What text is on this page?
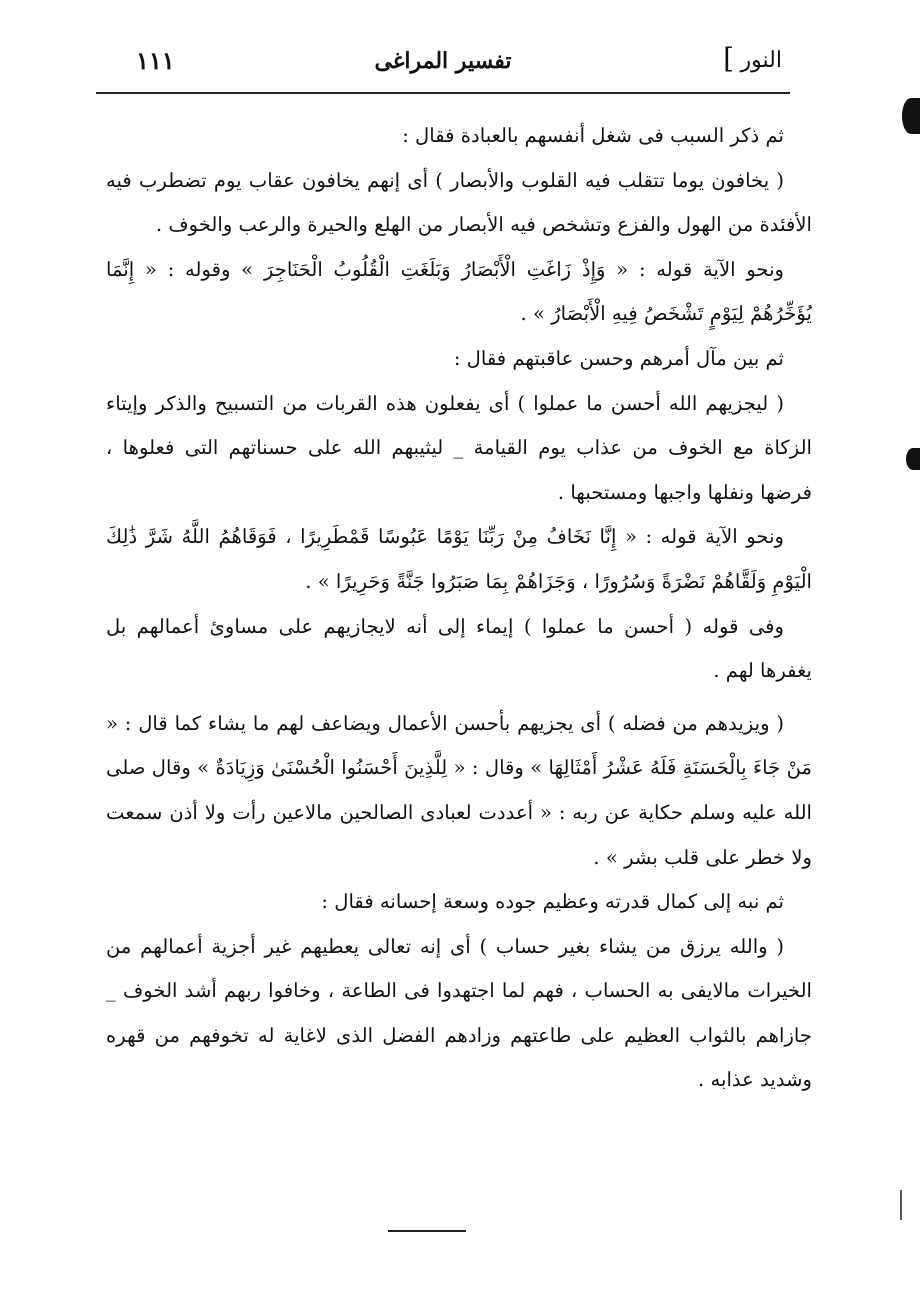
النور
]
تفسير المراغى
١١١

ثم ذكر السبب فى شغل أنفسهم بالعبادة فقال :

( يخافون يوما تتقلب فيه القلوب والأبصار ) أى إنهم يخافون عقاب يوم تضطرب فيه الأفئدة من الهول والفزع وتشخص فيه الأبصار من الهلع والحيرة والرعب والخوف .

ونحو الآية قوله : « وَإِذْ زَاغَتِ الْأَبْصَارُ وَبَلَغَتِ الْقُلُوبُ الْحَنَاجِرَ » وقوله : « إِنَّمَا يُؤَخِّرُهُمْ لِيَوْمٍ تَشْخَصُ فِيهِ الْأَبْصَارُ » .

ثم بين مآل أمرهم وحسن عاقبتهم فقال :

( ليجزيهم الله أحسن ما عملوا ) أى يفعلون هذه القربات من التسبيح والذكر وإيتاء الزكاة مع الخوف من عذاب يوم القيامة _ ليثيبهم الله على حسناتهم التى فعلوها ، فرضها ونفلها واجبها ومستحبها .

ونحو الآية قوله : « إِنَّا نَخَافُ مِنْ رَبِّنَا يَوْمًا عَبُوسًا قَمْطَرِيرًا ، فَوَقَاهُمُ اللَّهُ شَرَّ ذَٰلِكَ الْيَوْمِ وَلَقَّاهُمْ نَضْرَةً وَسُرُورًا ، وَجَزَاهُمْ بِمَا صَبَرُوا جَنَّةً وَحَرِيرًا » .

وفى قوله ( أحسن ما عملوا ) إيماء إلى أنه لايجازيهم على مساوئ أعمالهم بل يغفرها لهم .

( ويزيدهم من فضله ) أى يجزيهم بأحسن الأعمال ويضاعف لهم ما يشاء كما قال : « مَنْ جَاءَ بِالْحَسَنَةِ فَلَهُ عَشْرُ أَمْثَالِهَا » وقال : « لِلَّذِينَ أَحْسَنُوا الْحُسْنَىٰ وَزِيَادَةٌ » وقال صلى الله عليه وسلم حكاية عن ربه : « أعددت لعبادى الصالحين مالاعين رأت ولا أذن سمعت ولا خطر على قلب بشر » .

ثم نبه إلى كمال قدرته وعظيم جوده وسعة إحسانه فقال :

( والله يرزق من يشاء بغير حساب ) أى إنه تعالى يعطيهم غير أجزية أعمالهم من الخيرات مالايفى به الحساب ، فهم لما اجتهدوا فى الطاعة ، وخافوا ربهم أشد الخوف _ جازاهم بالثواب العظيم على طاعتهم وزادهم الفضل الذى لاغاية له تخوفهم من قهره وشديد عذابه .
